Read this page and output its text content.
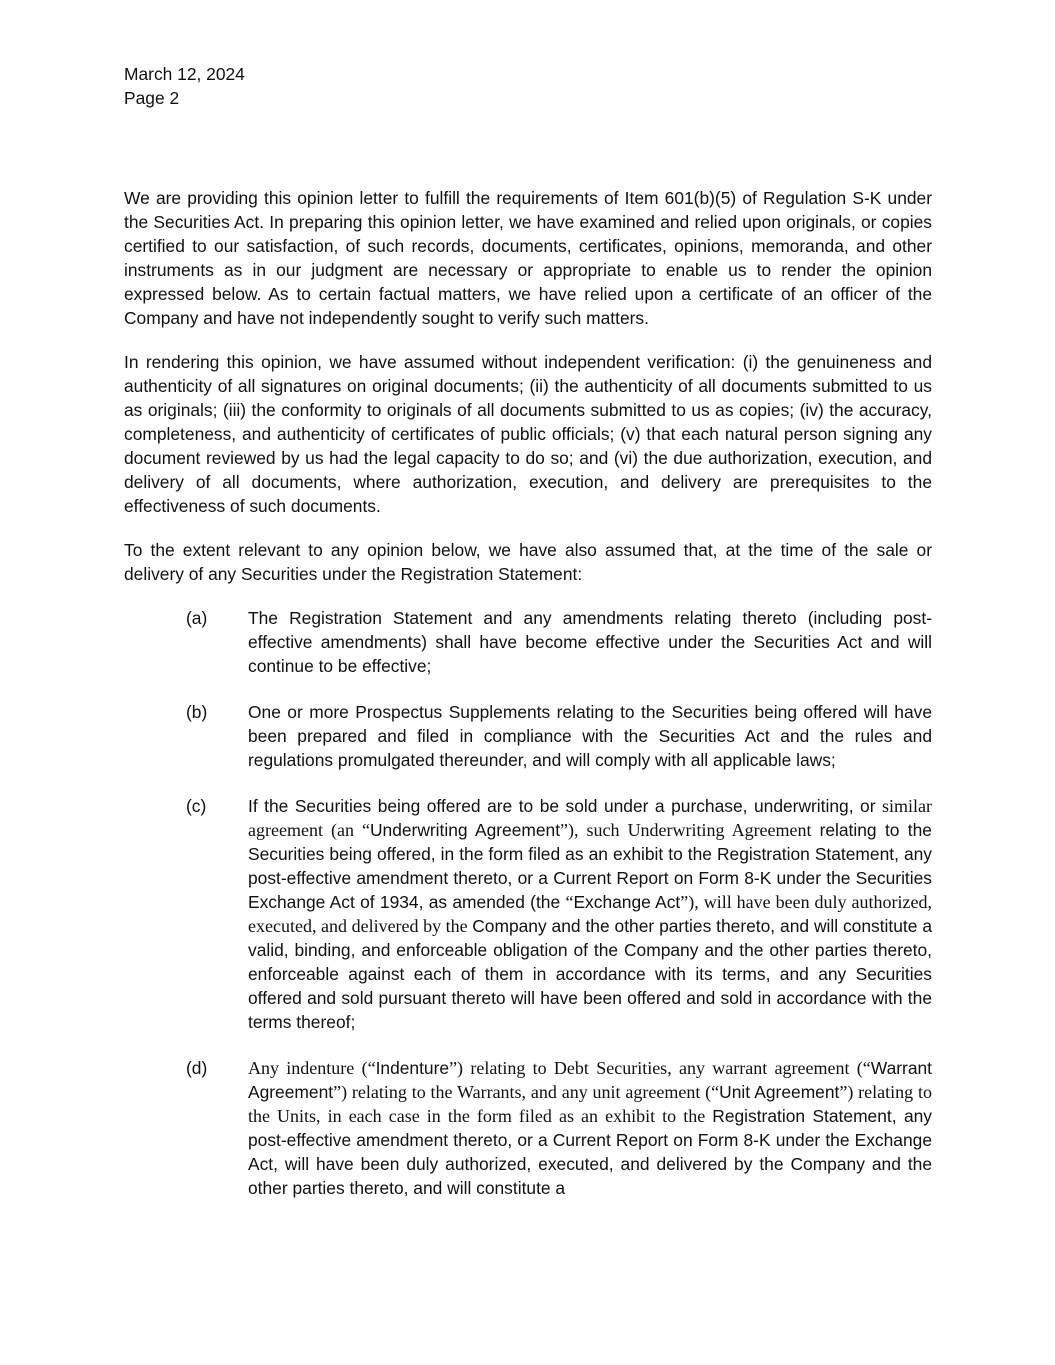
March 12, 2024
Page 2

We are providing this opinion letter to fulfill the requirements of Item 601(b)(5) of Regulation S-K under the Securities Act. In preparing this opinion letter, we have examined and relied upon originals, or copies certified to our satisfaction, of such records, documents, certificates, opinions, memoranda, and other instruments as in our judgment are necessary or appropriate to enable us to render the opinion expressed below. As to certain factual matters, we have relied upon a certificate of an officer of the Company and have not independently sought to verify such matters.

In rendering this opinion, we have assumed without independent verification: (i) the genuineness and authenticity of all signatures on original documents; (ii) the authenticity of all documents submitted to us as originals; (iii) the conformity to originals of all documents submitted to us as copies; (iv) the accuracy, completeness, and authenticity of certificates of public officials; (v) that each natural person signing any document reviewed by us had the legal capacity to do so; and (vi) the due authorization, execution, and delivery of all documents, where authorization, execution, and delivery are prerequisites to the effectiveness of such documents.

To the extent relevant to any opinion below, we have also assumed that, at the time of the sale or delivery of any Securities under the Registration Statement:

(a) The Registration Statement and any amendments relating thereto (including post-effective amendments) shall have become effective under the Securities Act and will continue to be effective;
(b) One or more Prospectus Supplements relating to the Securities being offered will have been prepared and filed in compliance with the Securities Act and the rules and regulations promulgated thereunder, and will comply with all applicable laws;
(c) If the Securities being offered are to be sold under a purchase, underwriting, or similar agreement (an “Underwriting Agreement”), such Underwriting Agreement relating to the Securities being offered, in the form filed as an exhibit to the Registration Statement, any post-effective amendment thereto, or a Current Report on Form 8-K under the Securities Exchange Act of 1934, as amended (the “Exchange Act”), will have been duly authorized, executed, and delivered by the Company and the other parties thereto, and will constitute a valid, binding, and enforceable obligation of the Company and the other parties thereto, enforceable against each of them in accordance with its terms, and any Securities offered and sold pursuant thereto will have been offered and sold in accordance with the terms thereof;
(d) Any indenture (“Indenture”) relating to Debt Securities, any warrant agreement (“Warrant Agreement”) relating to the Warrants, and any unit agreement (“Unit Agreement”) relating to the Units, in each case in the form filed as an exhibit to the Registration Statement, any post-effective amendment thereto, or a Current Report on Form 8-K under the Exchange Act, will have been duly authorized, executed, and delivered by the Company and the other parties thereto, and will constitute a
